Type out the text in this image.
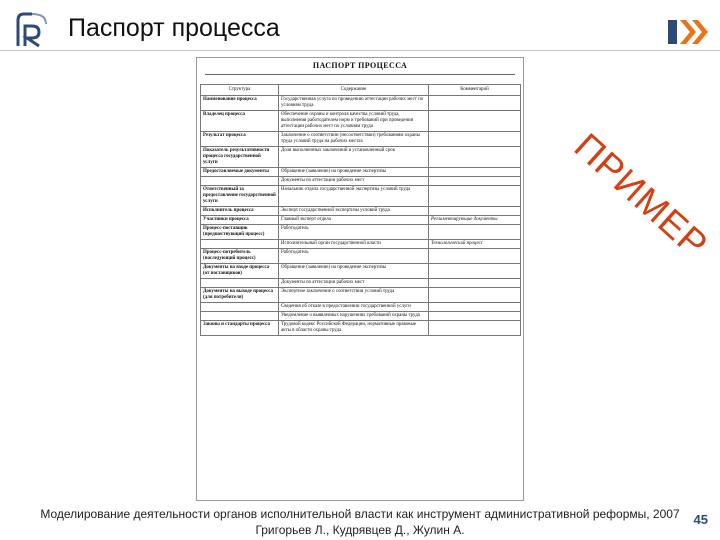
Паспорт процесса
ПАСПОРТ ПРОЦЕССА
Структура	Содержание	Комментарий
Наименование процесса	Государственная услуга по проведению аттестации рабочих мест по условиям труда	
Владелец процесса	Обеспечение охраны и контроля качества условий труда, выполнения работодателем норм и требований при проведении аттестации рабочих мест по условиям труда	
Результат процесса	Заключение о соответствии (несоответствии) требованиям охраны труда условий труда на рабочих местах	
Показатель результативности процесса государственной услуги	Доля выполненных заключений в установленный срок	
Предоставляемые документы	Обращение (заявление) на проведение экспертизы	
	Документы по аттестации рабочих мест	
Ответственный за предоставление государственной услуги	Начальник отдела государственной экспертизы условий труда	
Исполнитель процесса	Эксперт государственной экспертизы условий труда	
Участники процесса	Главный эксперт отдела	Регламентирующие документы
Процесс-поставщик (предшествующий процесс)	Работодатель	
	Исполнительный орган государственной власти	Технологический процесс
Процесс-потребитель (последующий процесс)	Работодатель	
Документы на входе процесса (от поставщиков)	Обращение (заявление) на проведение экспертизы	
	Документы по аттестации рабочих мест	
Документы на выходе процесса (для потребителя)	Экспертное заключение о соответствии условий труда	
	Сведения об отказе в предоставлении государственной услуги	
	Уведомление о выявленных нарушениях требований охраны труда	
Законы и стандарты процесса	Трудовой кодекс Российской Федерации, нормативные правовые акты в области охраны труда	
ПРИМЕР
Моделирование деятельности органов исполнительной власти как инструмент административной реформы, 2007
Григорьев Л., Кудрявцев Д., Жулин А.
45
